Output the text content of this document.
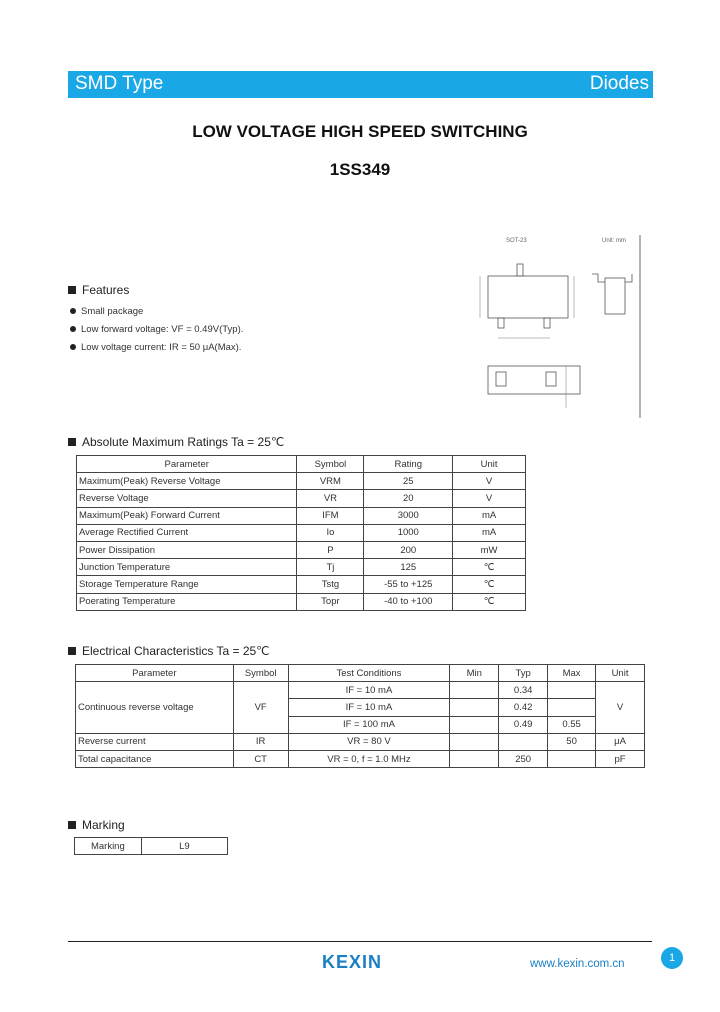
SMD Type	Diodes
LOW VOLTAGE HIGH SPEED SWITCHING
1SS349
Features
Small package
Low forward voltage: VF = 0.49V(Typ).
Low voltage current: IR = 50 μA(Max).
SOT-23	Unit: mm
Absolute Maximum Ratings Ta = 25℃
Parameter	Symbol	Rating	Unit
Maximum(Peak) Reverse Voltage	VRM	25	V
Reverse Voltage	VR	20	V
Maximum(Peak) Forward Current	IFM	3000	mA
Average Rectified Current	Io	1000	mA
Power Dissipation	P	200	mW
Junction Temperature	Tj	125	℃
Storage Temperature Range	Tstg	-55 to +125	℃
Poerating Temperature	Topr	-40 to +100	℃
Electrical Characteristics Ta = 25℃
Parameter	Symbol	Test Conditions	Min	Typ	Max	Unit
Continuous reverse voltage	VF	IF = 10 mA		0.34		V
		IF = 10 mA		0.42		
		IF = 100 mA		0.49	0.55	
Reverse current	IR	VR = 80 V			50	μA
Total capacitance	CT	VR = 0, f = 1.0 MHz		250		pF
Marking
Marking	L9
KEXIN	www.kexin.com.cn	1
